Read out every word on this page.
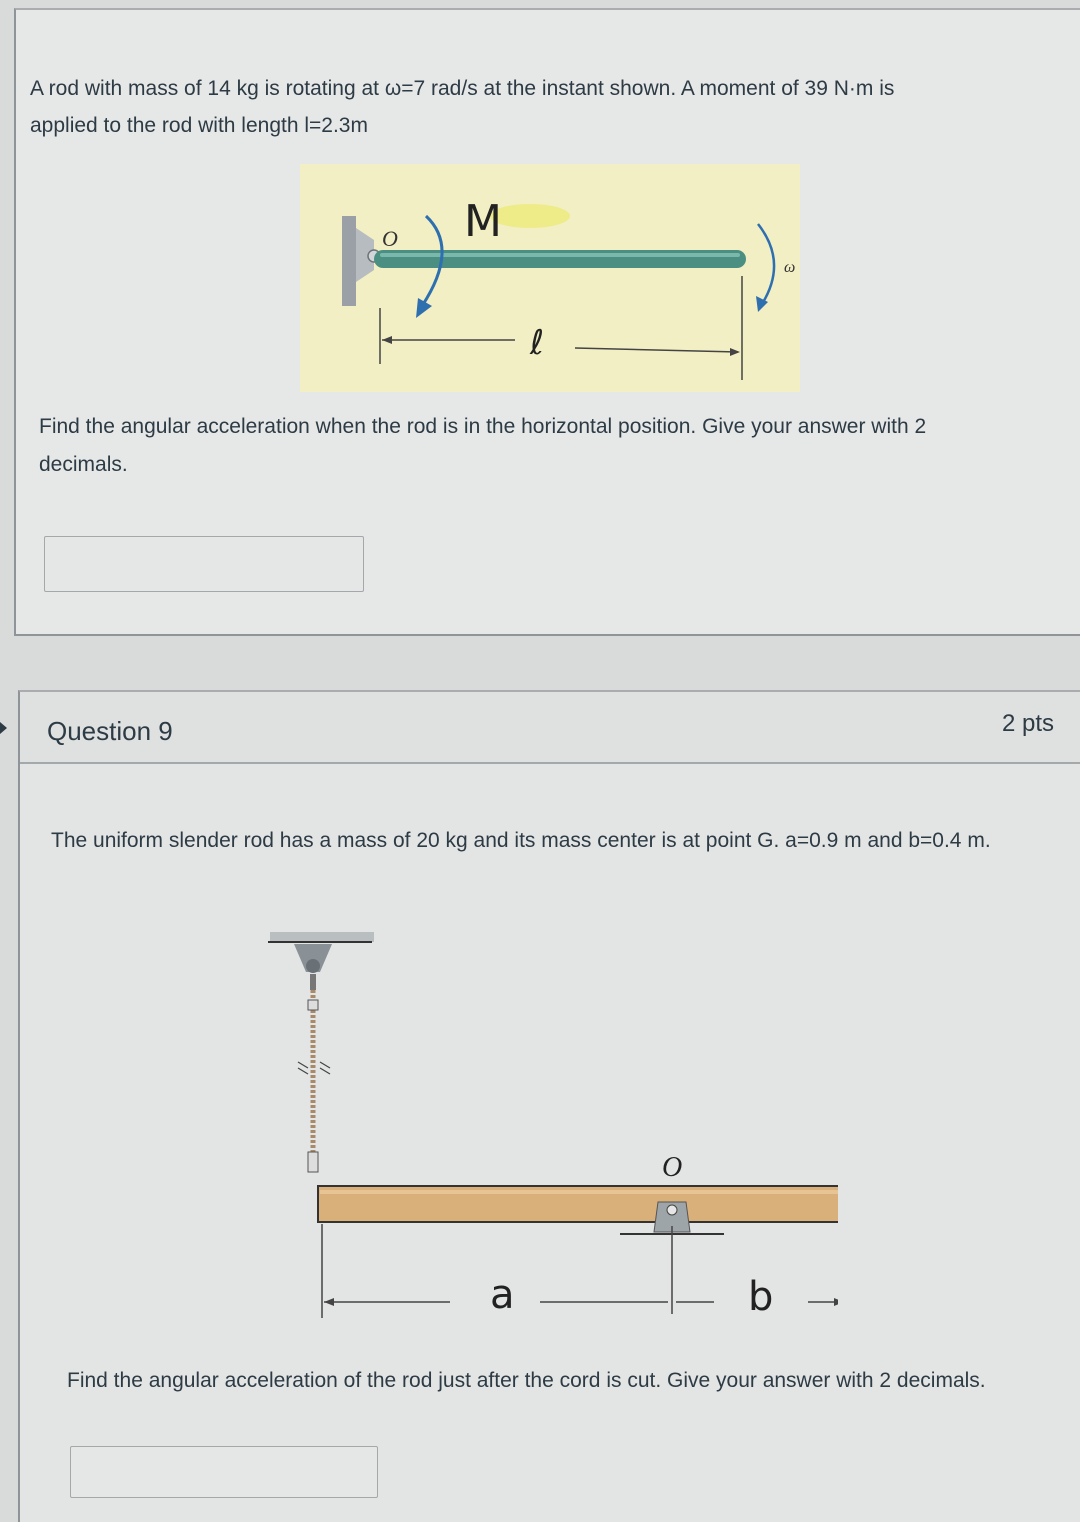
A rod with mass of 14 kg is rotating at ω=7 rad/s at the instant shown. A moment of 39 N·m is
applied to the rod with length l=2.3m
O M
ℓ
ω
Find the angular acceleration when the rod is in the horizontal position. Give your answer with 2
decimals.
Question 9	2 pts
The uniform slender rod has a mass of 20 kg and its mass center is at point G. a=0.9 m and b=0.4 m.
O
a	b
Find the angular acceleration of the rod just after the cord is cut. Give your answer with 2 decimals.
